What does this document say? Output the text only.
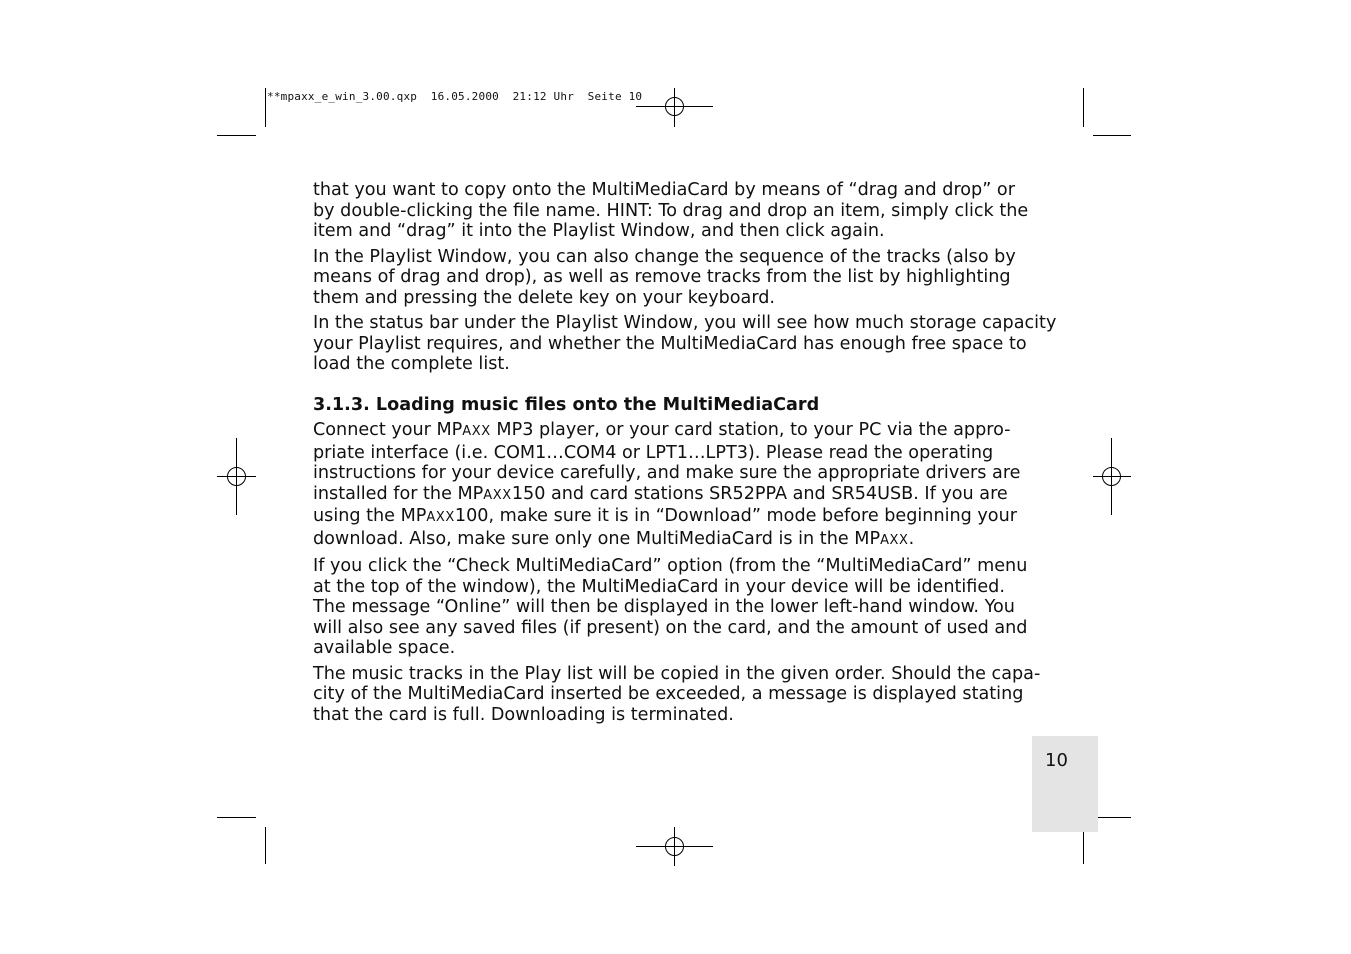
**mpaxx_e_win_3.00.qxp  16.05.2000  21:12 Uhr  Seite 10

that you want to copy onto the MultiMediaCard by means of “drag and drop” or

by double-clicking the file name. HINT: To drag and drop an item, simply click the

item and “drag” it into the Playlist Window, and then click again.

In the Playlist Window, you can also change the sequence of the tracks (also by

means of drag and drop), as well as remove tracks from the list by highlighting

them and pressing the delete key on your keyboard.

In the status bar under the Playlist Window, you will see how much storage capacity

your Playlist requires, and whether the MultiMediaCard has enough free space to

load the complete list.

3.1.3. Loading music files onto the MultiMediaCard

Connect your MPAXX MP3 player, or your card station, to your PC via the appro-

priate interface (i.e. COM1…COM4 or LPT1…LPT3). Please read the operating

instructions for your device carefully, and make sure the appropriate drivers are

installed for the MPAXX150 and card stations SR52PPA and SR54USB. If you are

using the MPAXX100, make sure it is in “Download” mode before beginning your

download. Also, make sure only one MultiMediaCard is in the MPAXX.

If you click the “Check MultiMediaCard” option (from the “MultiMediaCard” menu

at the top of the window), the MultiMediaCard in your device will be identified.

The message “Online” will then be displayed in the lower left-hand window. You

will also see any saved files (if present) on the card, and the amount of used and

available space.

The music tracks in the Play list will be copied in the given order. Should the capa-

city of the MultiMediaCard inserted be exceeded, a message is displayed stating

that the card is full. Downloading is terminated.

10
